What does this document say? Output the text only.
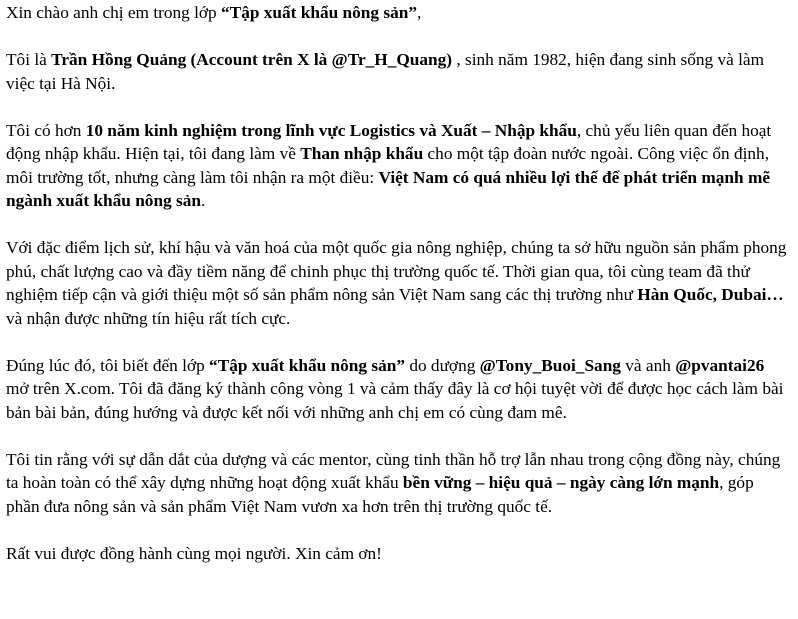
Xin chào anh chị em trong lớp “Tập xuất khẩu nông sản”,

Tôi là Trần Hồng Quảng (Account trên X là @Tr_H_Quang) , sinh năm 1982, hiện đang sinh sống và làm việc tại Hà Nội.

Tôi có hơn 10 năm kinh nghiệm trong lĩnh vực Logistics và Xuất – Nhập khẩu, chủ yếu liên quan đến hoạt động nhập khẩu. Hiện tại, tôi đang làm về Than nhập khẩu cho một tập đoàn nước ngoài. Công việc ổn định, môi trường tốt, nhưng càng làm tôi nhận ra một điều: Việt Nam có quá nhiều lợi thế để phát triển mạnh mẽ ngành xuất khẩu nông sản.

Với đặc điểm lịch sử, khí hậu và văn hoá của một quốc gia nông nghiệp, chúng ta sở hữu nguồn sản phẩm phong phú, chất lượng cao và đầy tiềm năng để chinh phục thị trường quốc tế. Thời gian qua, tôi cùng team đã thử nghiệm tiếp cận và giới thiệu một số sản phẩm nông sản Việt Nam sang các thị trường như Hàn Quốc, Dubai… và nhận được những tín hiệu rất tích cực.

Đúng lúc đó, tôi biết đến lớp “Tập xuất khẩu nông sản” do dượng @Tony_Buoi_Sang và anh @pvantai26 mở trên X.com. Tôi đã đăng ký thành công vòng 1 và cảm thấy đây là cơ hội tuyệt vời để được học cách làm bài bản bài bản, đúng hướng và được kết nối với những anh chị em có cùng đam mê.

Tôi tin rằng với sự dẫn dắt của dượng và các mentor, cùng tinh thần hỗ trợ lẫn nhau trong cộng đồng này, chúng ta hoàn toàn có thể xây dựng những hoạt động xuất khẩu bền vững – hiệu quả – ngày càng lớn mạnh, góp phần đưa nông sản và sản phẩm Việt Nam vươn xa hơn trên thị trường quốc tế.

Rất vui được đồng hành cùng mọi người. Xin cảm ơn!
